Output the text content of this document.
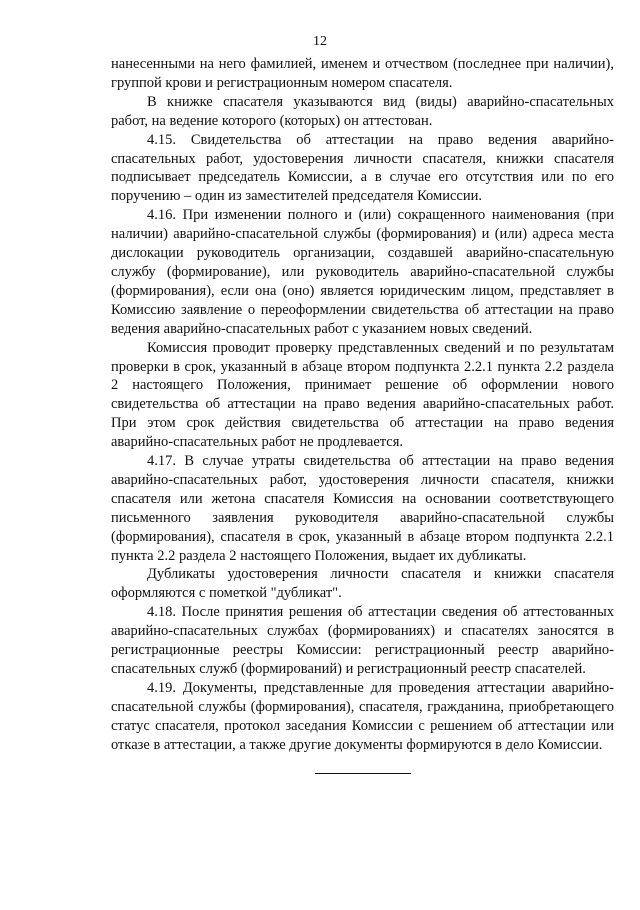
12

нанесенными на него фамилией, именем и отчеством (последнее при наличии), группой крови и регистрационным номером спасателя.

В книжке спасателя указываются вид (виды) аварийно-спасательных работ, на ведение которого (которых) он аттестован.

4.15. Свидетельства об аттестации на право ведения аварийно-спасательных работ, удостоверения личности спасателя, книжки спасателя подписывает председатель Комиссии, а в случае его отсутствия или по его поручению – один из заместителей председателя Комиссии.

4.16. При изменении полного и (или) сокращенного наименования (при наличии) аварийно-спасательной службы (формирования) и (или) адреса места дислокации руководитель организации, создавшей аварийно-спасательную службу (формирование), или руководитель аварийно-спасательной службы (формирования), если она (оно) является юридическим лицом, представляет в Комиссию заявление о переоформлении свидетельства об аттестации на право ведения аварийно-спасательных работ с указанием новых сведений.

Комиссия проводит проверку представленных сведений и по результатам проверки в срок, указанный в абзаце втором подпункта 2.2.1 пункта 2.2 раздела 2 настоящего Положения, принимает решение об оформлении нового свидетельства об аттестации на право ведения аварийно-спасательных работ. При этом срок действия свидетельства об аттестации на право ведения аварийно-спасательных работ не продлевается.

4.17. В случае утраты свидетельства об аттестации на право ведения аварийно-спасательных работ, удостоверения личности спасателя, книжки спасателя или жетона спасателя Комиссия на основании соответствующего письменного заявления руководителя аварийно-спасательной службы (формирования), спасателя в срок, указанный в абзаце втором подпункта 2.2.1 пункта 2.2 раздела 2 настоящего Положения, выдает их дубликаты.

Дубликаты удостоверения личности спасателя и книжки спасателя оформляются с пометкой "дубликат".

4.18. После принятия решения об аттестации сведения об аттестованных аварийно-спасательных службах (формированиях) и спасателях заносятся в регистрационные реестры Комиссии: регистрационный реестр аварийно-спасательных служб (формирований) и регистрационный реестр спасателей.

4.19. Документы, представленные для проведения аттестации аварийно-спасательной службы (формирования), спасателя, гражданина, приобретающего статус спасателя, протокол заседания Комиссии с решением об аттестации или отказе в аттестации, а также другие документы формируются в дело Комиссии.
